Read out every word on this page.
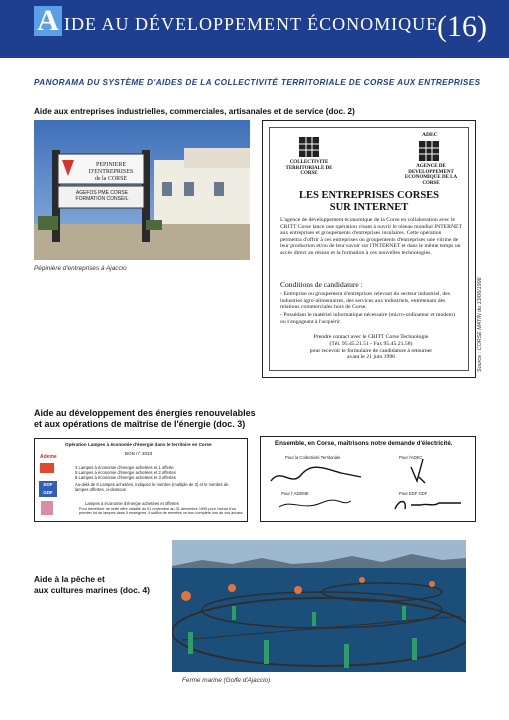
A IDE AU DÉVELOPPEMENT ÉCONOMIQUE
(16)
PANORAMA DU SYSTÈME D'AIDES DE LA COLLECTIVITÉ TERRITORIALE DE CORSE AUX ENTREPRISES
Aide aux entreprises industrielles, commerciales, artisanales et de service (doc. 2)
PEPINIERE D'ENTREPRISES
de la CORSE
AGEFOS PME CORSE
FORMATION CONSEIL
Pépinière d'entreprises à Ajaccio
COLLECTIVITE TERRITORIALE DE CORSE
ADEC
AGENCE DE DEVELOPPEMENT ECONOMIQUE DE LA CORSE
LES ENTREPRISES CORSES
SUR INTERNET
L'agence de développement économique de la Corse en collaboration avec le CRITT Corse lance une opération visant à ouvrir le réseau mondial INTERNET aux entreprises et groupements d'entreprises insulaires. Cette opération permettra d'offrir à ces entreprises ou groupements d'entreprises une vitrine de leur production et/ou de leur savoir sur l'INTERNET et dans le même temps un accès direct au réseau et la formation à ces nouvelles technologies.
Conditions de candidature :
- Entreprise ou groupement d'entreprises relevant du secteur industriel, des industries agro-alimentaires, des services aux industriels, entretenant des relations commerciales hors de Corse.
- Possédant le matériel informatique nécessaire (micro-ordinateur et modem) ou s'engageant à l'acquérir.
Prendre contact avec le CRITT Corse Technologie
(Tél. 95.45.21.51 - Fax 95.45.21.58)
pour recevoir le formulaire de candidature à retourner
avant le 21 juin 1996	Source : CORSE MATIN du 13/06/1996
Aide au développement des énergies renouvelables
et aux opérations de maîtrise de l'énergie (doc. 3)
Opération Lampes à économie d'énergie dans le territoire en Corse
BON n° 3033
Ademe
3 Lampes à économie d'énergie achetées et 1 offerte
5 Lampes à économie d'énergie achetées et 2 offertes
8 Lampes à économie d'énergie achetées et 3 offertes
EDF
GDF
Au-delà de 8 Lampes achetées, indiquez le nombre (multiple de 3) et le nombre de lampes offertes, ci-dessous
Lampes à économie d'énergie achetées et offertes
Pour bénéficier de cette offre valable du 01 novembre au 31 décembre 1995 pour l'achat d'un premier lot de lampes dans 5 enseignes, il suffira de remettre ce bon complété lors de vos achats.
Ensemble, en Corse, maîtrisons notre demande d'électricité.
Pour la Collectivité Territoriale	Pour l'ADEC
Pour l' ADEME	Pour EDF GDF
Aide à la pêche et
aux cultures marines (doc. 4)
Ferme marine (Golfe d'Ajaccio)
